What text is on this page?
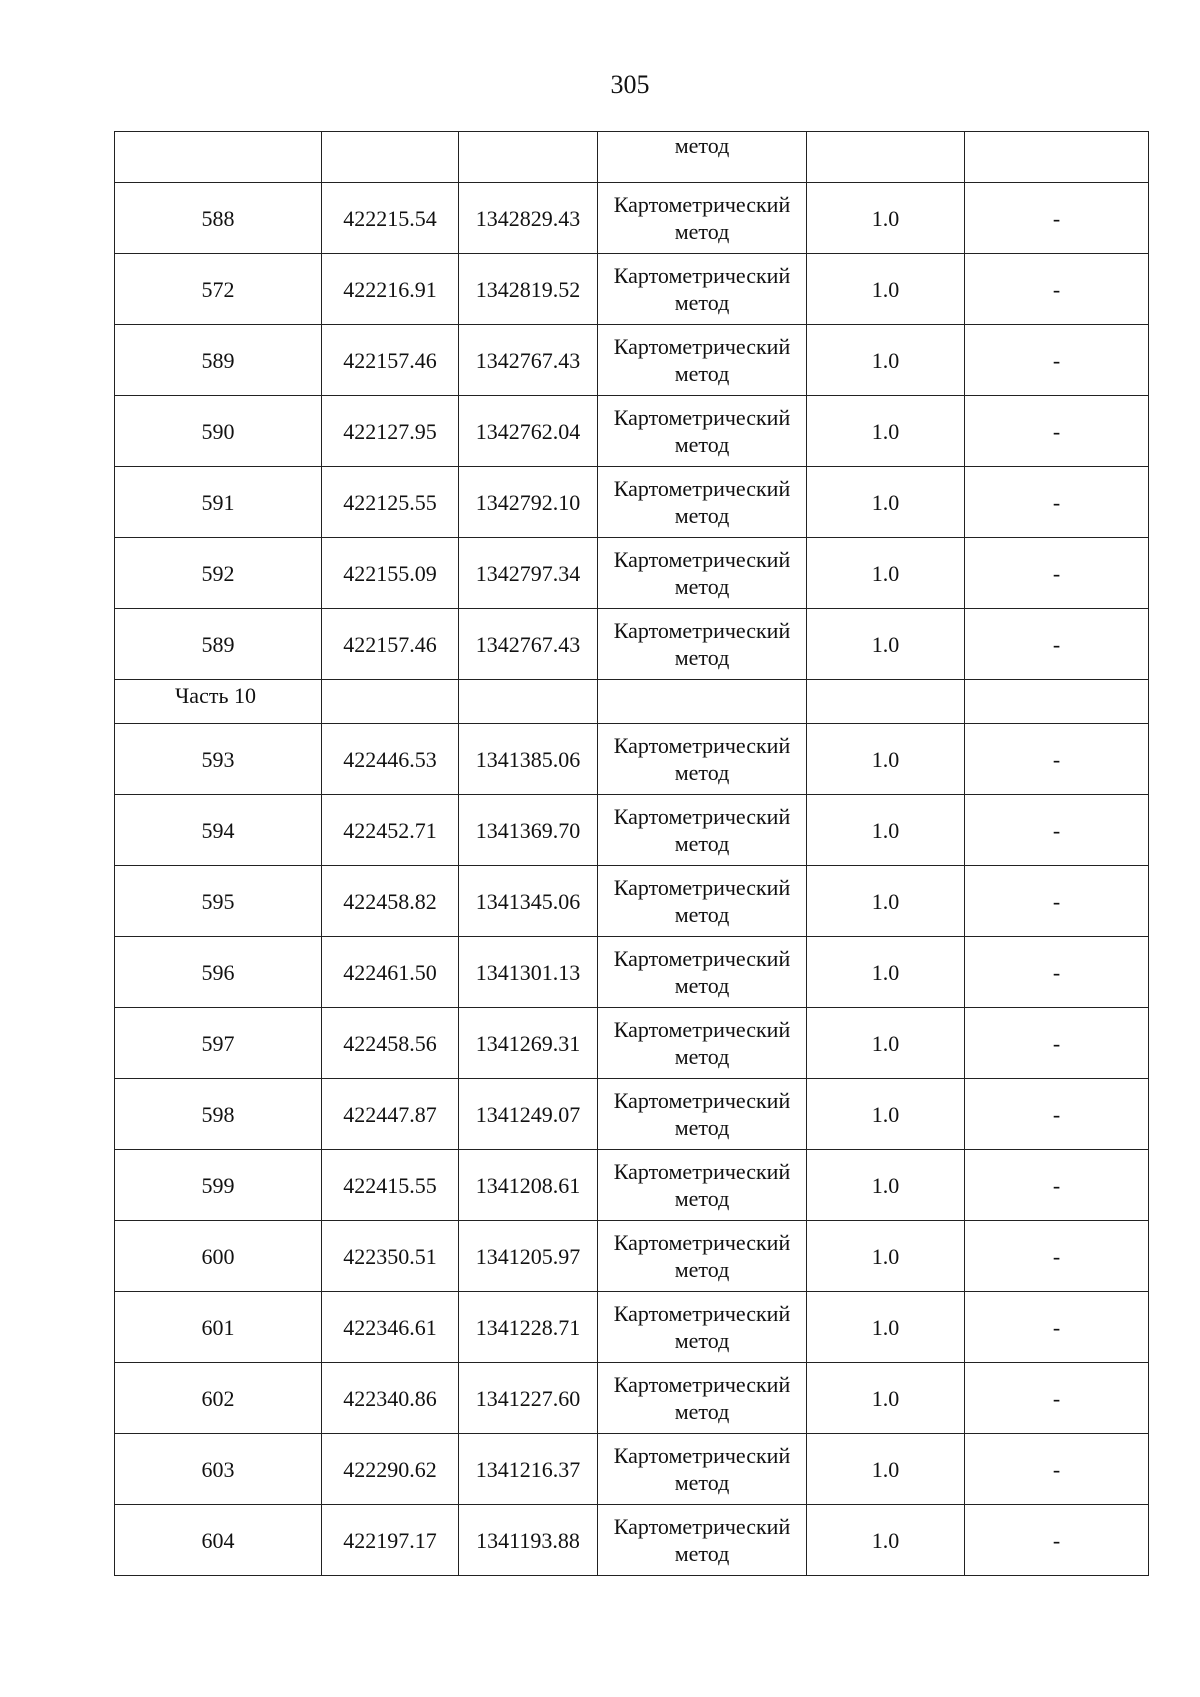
305
			метод		
588	422215.54	1342829.43	Картометрический метод	1.0	-
572	422216.91	1342819.52	Картометрический метод	1.0	-
589	422157.46	1342767.43	Картометрический метод	1.0	-
590	422127.95	1342762.04	Картометрический метод	1.0	-
591	422125.55	1342792.10	Картометрический метод	1.0	-
592	422155.09	1342797.34	Картометрический метод	1.0	-
589	422157.46	1342767.43	Картометрический метод	1.0	-
Часть 10					
593	422446.53	1341385.06	Картометрический метод	1.0	-
594	422452.71	1341369.70	Картометрический метод	1.0	-
595	422458.82	1341345.06	Картометрический метод	1.0	-
596	422461.50	1341301.13	Картометрический метод	1.0	-
597	422458.56	1341269.31	Картометрический метод	1.0	-
598	422447.87	1341249.07	Картометрический метод	1.0	-
599	422415.55	1341208.61	Картометрический метод	1.0	-
600	422350.51	1341205.97	Картометрический метод	1.0	-
601	422346.61	1341228.71	Картометрический метод	1.0	-
602	422340.86	1341227.60	Картометрический метод	1.0	-
603	422290.62	1341216.37	Картометрический метод	1.0	-
604	422197.17	1341193.88	Картометрический метод	1.0	-
